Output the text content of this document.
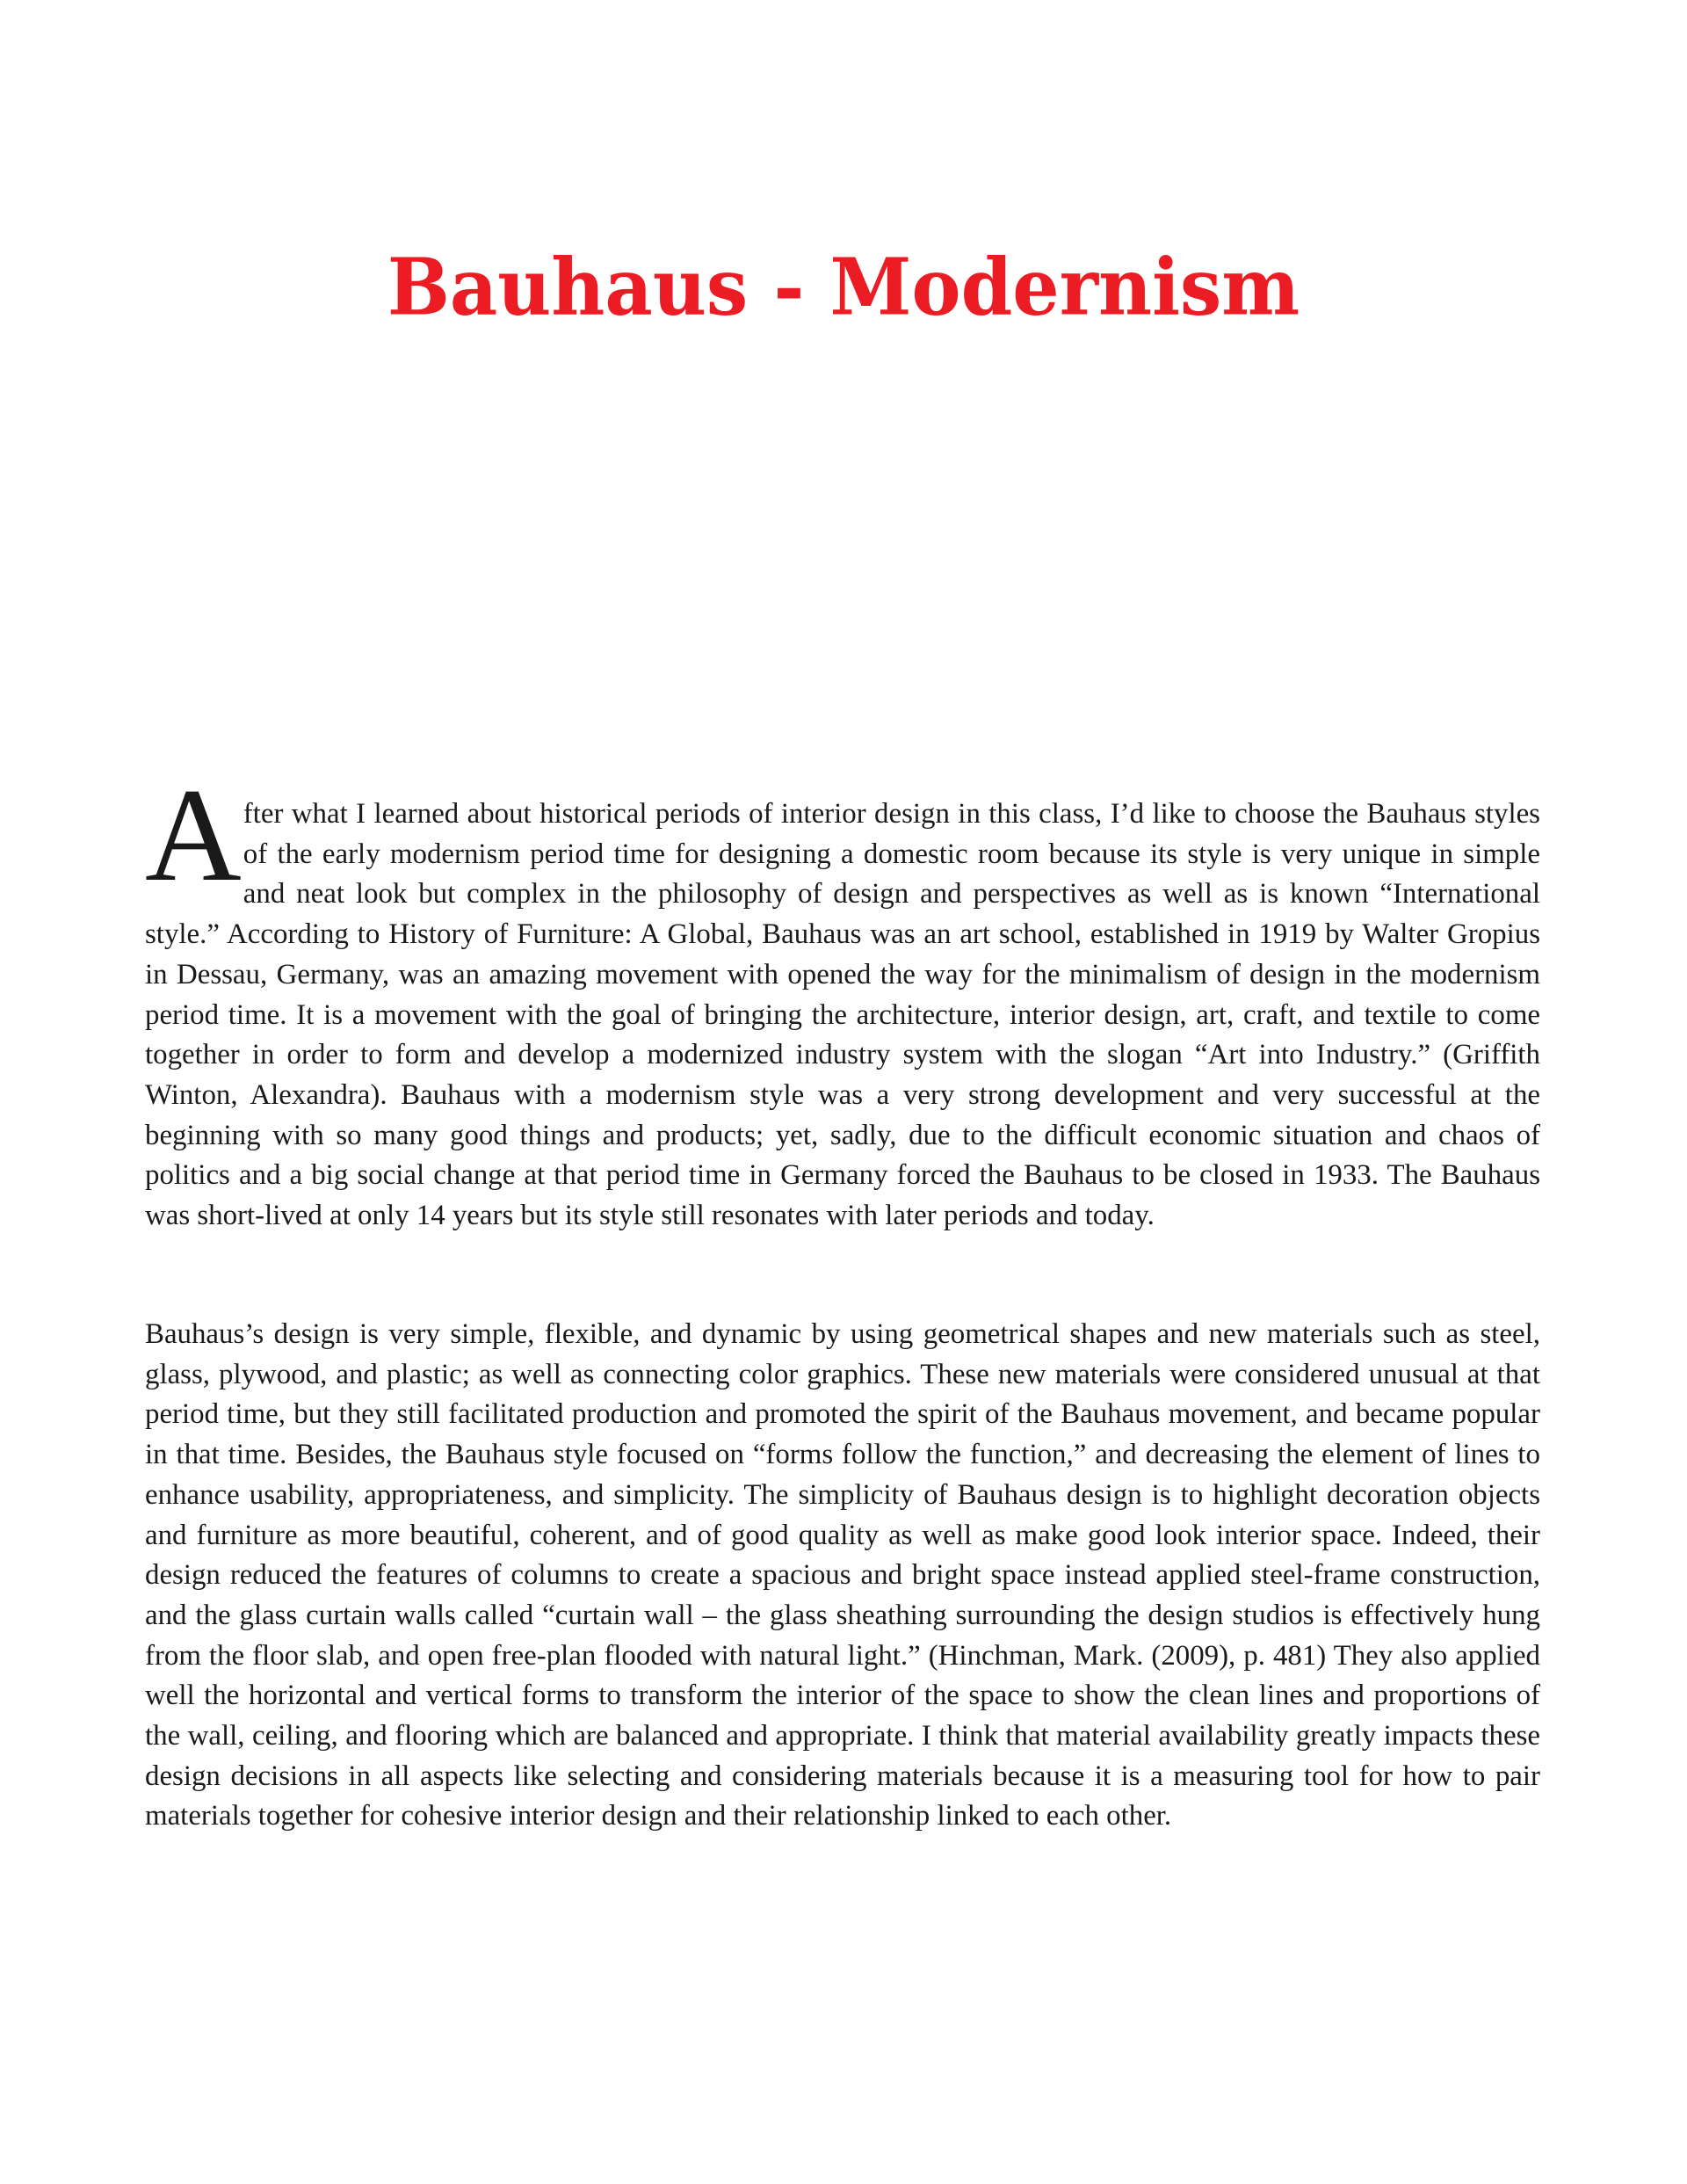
Bauhaus - Modernism

After what I learned about historical periods of interior design in this class, I’d like to choose the Bauhaus styles of the early modernism period time for designing a domestic room because its style is very unique in simple and neat look but complex in the philosophy of design and perspectives as well as is known “International style.” According to History of Furniture: A Global, Bauhaus was an art school, established in 1919 by Walter Gropius in Dessau, Germany, was an amazing movement with opened the way for the minimalism of design in the modernism period time. It is a movement with the goal of bringing the architecture, interior design, art, craft, and textile to come together in order to form and develop a modernized industry system with the slogan “Art into Industry.” (Griffith Winton, Alexandra). Bauhaus with a modernism style was a very strong development and very successful at the beginning with so many good things and products; yet, sadly, due to the difficult economic situation and chaos of politics and a big social change at that period time in Germany forced the Bauhaus to be closed in 1933. The Bauhaus was short-lived at only 14 years but its style still resonates with later periods and today.

Bauhaus’s design is very simple, flexible, and dynamic by using geometrical shapes and new materials such as steel, glass, plywood, and plastic; as well as connecting color graphics. These new materials were considered unusual at that period time, but they still facilitated production and promoted the spirit of the Bauhaus movement, and became popular in that time. Besides, the Bauhaus style focused on “forms follow the function,” and decreasing the element of lines to enhance usability, appropriateness, and simplicity. The simplicity of Bauhaus design is to highlight decoration objects and furniture as more beautiful, coherent, and of good quality as well as make good look interior space. Indeed, their design reduced the features of columns to create a spacious and bright space instead applied steel-frame construction, and the glass curtain walls called “curtain wall – the glass sheathing surrounding the design studios is effectively hung from the floor slab, and open free-plan flooded with natural light.” (Hinchman, Mark. (2009), p. 481) They also applied well the horizontal and vertical forms to transform the interior of the space to show the clean lines and proportions of the wall, ceiling, and flooring which are balanced and appropriate. I think that material availability greatly impacts these design decisions in all aspects like selecting and considering materials because it is a measuring tool for how to pair materials together for cohesive interior design and their relationship linked to each other.
